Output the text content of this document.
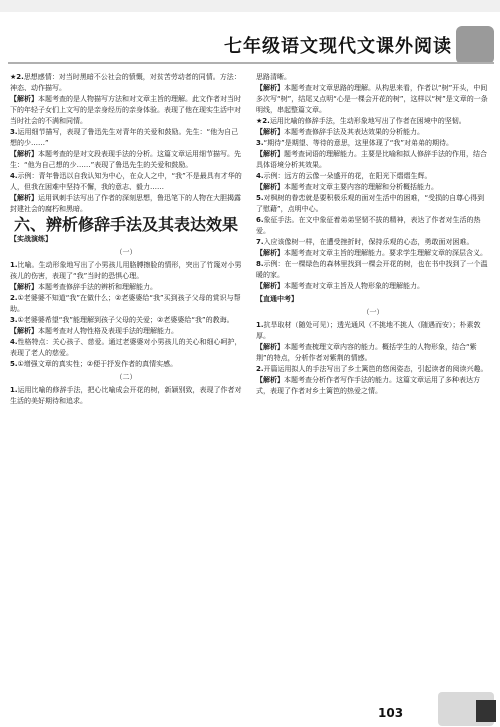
七年级语文现代文课外阅读

★2.思想感情：对当时黑暗不公社会的愤慨，对贫苦劳动者的同情。方法：神态、动作描写。

【解析】本题考查的是人物描写方法和对文章主旨的理解。此文作者对当时下的年轻子女们上文写的是亲身经历的亲身体验。表现了他在现实生活中对当时社会的不满和同情。

3.运用细节描写，表现了鲁迅先生对青年的关爱和鼓励。先生：“他为自己想的少……”

【解析】本题考查的是对文段表现手法的分析。这篇文章运用细节描写。先生：“他为自己想的少……”表现了鲁迅先生的关爱和鼓励。

4.示例：青年鲁迅以自我认知为中心，在众人之中，“我”不是最具有才华的人，但我在困难中坚持不懈，我的意志、毅力……

【解析】运用讽刺手法写出了作者的深刻思想，鲁迅笔下的人物在大胆揭露封建社会的腐朽和黑暗。

六、辨析修辞手法及其表达效果
【实战演练】
（一）

1.比喻。生动形象地写出了小男孩儿用胳膊擦脸的情形，突出了竹篾对小男孩儿的伤害，表现了“我”当时的恐惧心理。

【解析】本题考查修辞手法的辨析和理解能力。

2.①老婆婆不知道“我”在做什么；②老婆婆给“我”买到孩子父母的赏识与帮助。

3.①老婆婆希望“我”能理解到孩子父母的关爱；②老婆婆给“我”的教诲。

【解析】本题考查对人物性格及表现手法的理解能力。

4.性格特点：关心孩子、慈爱。通过老婆婆对小男孩儿的关心和细心呵护，表现了老人的慈爱。

5.①增强文章的真实性；②便于抒发作者的真情实感。

（二）

1.运用比喻的修辞手法，把心比喻成会开花的树，新颖别致，表现了作者对生活的美好期待和追求。

思路清晰。

【解析】本题考查对文章思路的理解。从构思来看，作者以“树”开头，中间多次写“树”，结尾又点明“心是一棵会开花的树”，这样以“树”是文章的一条明线，串起整篇文章。

★2.运用比喻的修辞手法，生动形象地写出了作者在困境中的坚韧。

【解析】本题考查修辞手法及其表达效果的分析能力。

3.“期待”是期望、等待的意思，这里体现了“我”对弟弟的期待。

【解析】题考查词语的理解能力。主要是比喻和拟人修辞手法的作用，结合具体语境分析其效果。

4.示例：远方的云像一朵盛开的花，在阳光下熠熠生辉。

【解析】本题考查对文章主要内容的理解和分析概括能力。

5.对枫树的眷恋就是要积极乐观的面对生活中的困难，“受损的自尊心得到了慰藉”，点明中心。

6.象征手法。在文中象征着弟弟坚韧不拔的精神，表达了作者对生活的热爱。

7.入应该像树一样，在遭受挫折时，保持乐观的心态，勇敢面对困难。

【解析】本题考查对文章主旨的理解能力。要求学生理解文章的深层含义。

8.示例：在一棵绿色的森林里找到一棵会开花的树，也在书中找到了一个温暖的家。

【解析】本题考查对文章主旨及人物形象的理解能力。

【直通中考】
（一）

1.抗旱取材（随处可见）；透光通风（不挑地不挑人（随遇而安）；朴素敦厚。

【解析】本题考查梳理文章内容的能力。概括学生的人物形象，结合“紫荆”的特点，分析作者对紫荆的情感。

2.开篇运用拟人的手法写出了乡土篱笆的悠闲姿态，引起读者的阅读兴趣。

【解析】本题考查分析作者写作手法的能力。这篇文章运用了多种表达方式，表现了作者对乡土篱笆的热爱之情。

103
